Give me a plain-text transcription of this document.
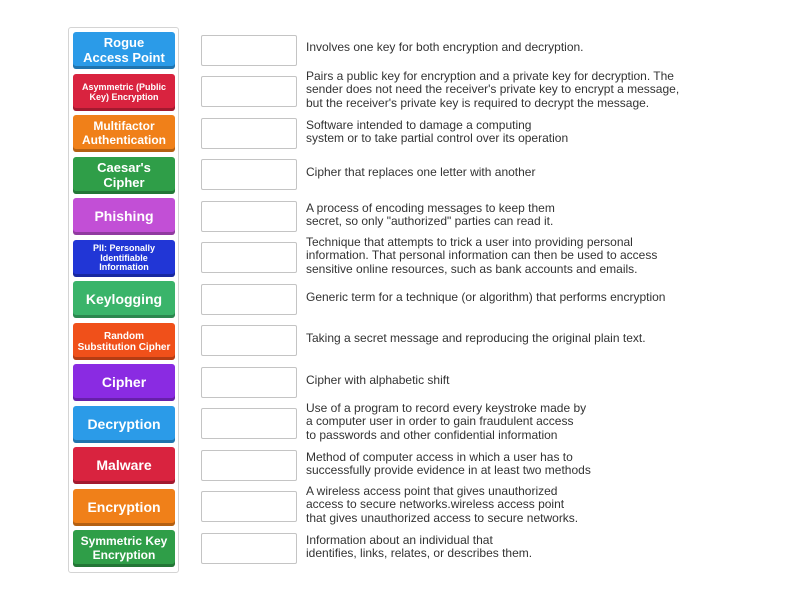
Rogue
Access Point
Asymmetric (Public
Key) Encryption
Multifactor
Authentication
Caesar's
Cipher
Phishing
PII: Personally
Identifiable
Information
Keylogging
Random
Substitution Cipher
Cipher
Decryption
Malware
Encryption
Symmetric Key
Encryption
Involves one key for both encryption and decryption.
Pairs a public key for encryption and a private key for decryption. The
sender does not need the receiver's private key to encrypt a message,
but the receiver's private key is required to decrypt the message.
Software intended to damage a computing
system or to take partial control over its operation
Cipher that replaces one letter with another
A process of encoding messages to keep them
secret, so only "authorized" parties can read it.
Technique that attempts to trick a user into providing personal
information. That personal information can then be used to access
sensitive online resources, such as bank accounts and emails.
Generic term for a technique (or algorithm) that performs encryption
Taking a secret message and reproducing the original plain text.
Cipher with alphabetic shift
Use of a program to record every keystroke made by
a computer user in order to gain fraudulent access
to passwords and other confidential information
Method of computer access in which a user has to
successfully provide evidence in at least two methods
A wireless access point that gives unauthorized
access to secure networks.wireless access point
that gives unauthorized access to secure networks.
Information about an individual that
identifies, links, relates, or describes them.
